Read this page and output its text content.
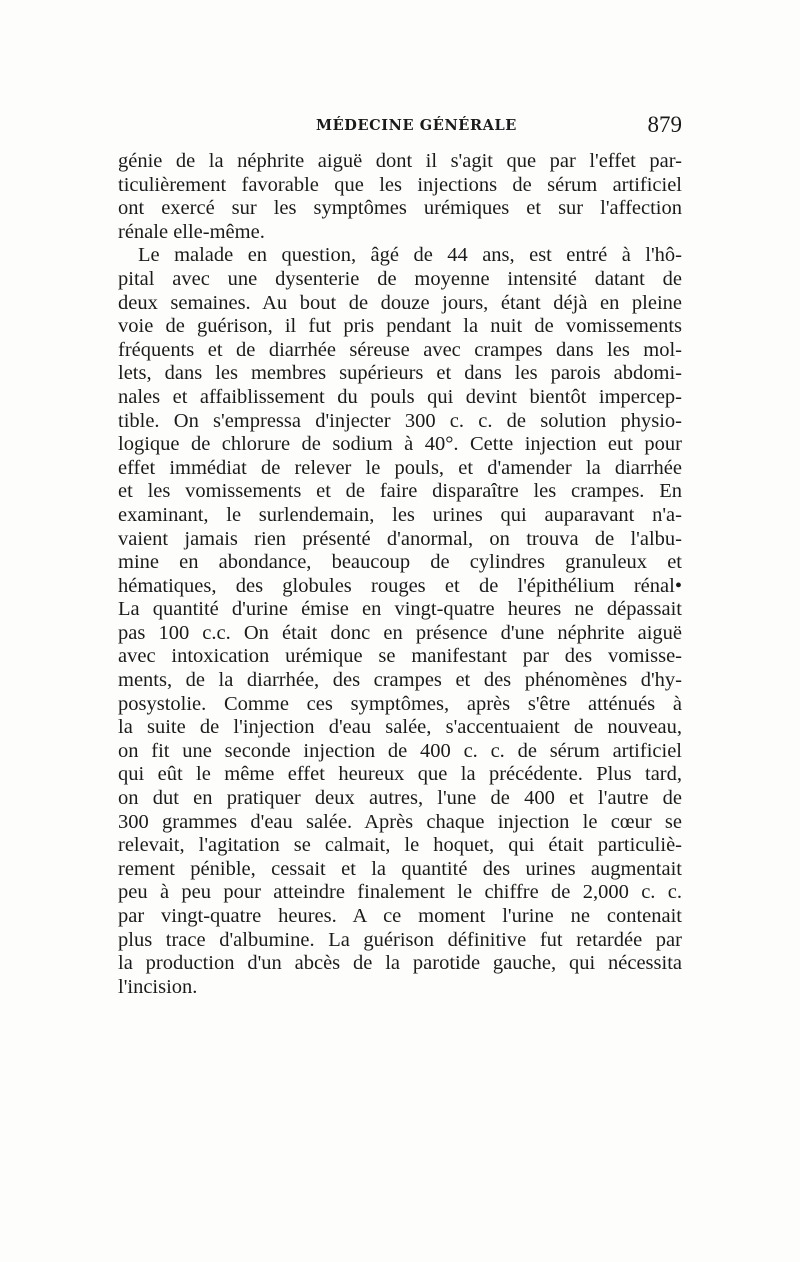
MÉDECINE GÉNÉRALE	879

génie de la néphrite aiguë dont il s'agit que par l'effet par-
ticulièrement favorable que les injections de sérum artificiel
ont exercé sur les symptômes urémiques et sur l'affection
rénale elle-même.

Le malade en question, âgé de 44 ans, est entré à l'hô-
pital avec une dysenterie de moyenne intensité datant de
deux semaines. Au bout de douze jours, étant déjà en pleine
voie de guérison, il fut pris pendant la nuit de vomissements
fréquents et de diarrhée séreuse avec crampes dans les mol-
lets, dans les membres supérieurs et dans les parois abdomi-
nales et affaiblissement du pouls qui devint bientôt impercep-
tible. On s'empressa d'injecter 300 c. c. de solution physio-
logique de chlorure de sodium à 40°. Cette injection eut pour
effet immédiat de relever le pouls, et d'amender la diarrhée
et les vomissements et de faire disparaître les crampes. En
examinant, le surlendemain, les urines qui auparavant n'a-
vaient jamais rien présenté d'anormal, on trouva de l'albu-
mine en abondance, beaucoup de cylindres granuleux et
hématiques, des globules rouges et de l'épithélium rénal•
La quantité d'urine émise en vingt-quatre heures ne dépassait
pas 100 c.c. On était donc en présence d'une néphrite aiguë
avec intoxication urémique se manifestant par des vomisse-
ments, de la diarrhée, des crampes et des phénomènes d'hy-
posystolie. Comme ces symptômes, après s'être atténués à
la suite de l'injection d'eau salée, s'accentuaient de nouveau,
on fit une seconde injection de 400 c. c. de sérum artificiel
qui eût le même effet heureux que la précédente. Plus tard,
on dut en pratiquer deux autres, l'une de 400 et l'autre de
300 grammes d'eau salée. Après chaque injection le cœur se
relevait, l'agitation se calmait, le hoquet, qui était particuliè-
rement pénible, cessait et la quantité des urines augmentait
peu à peu pour atteindre finalement le chiffre de 2,000 c. c.
par vingt-quatre heures. A ce moment l'urine ne contenait
plus trace d'albumine. La guérison définitive fut retardée par
la production d'un abcès de la parotide gauche, qui nécessita
l'incision.
